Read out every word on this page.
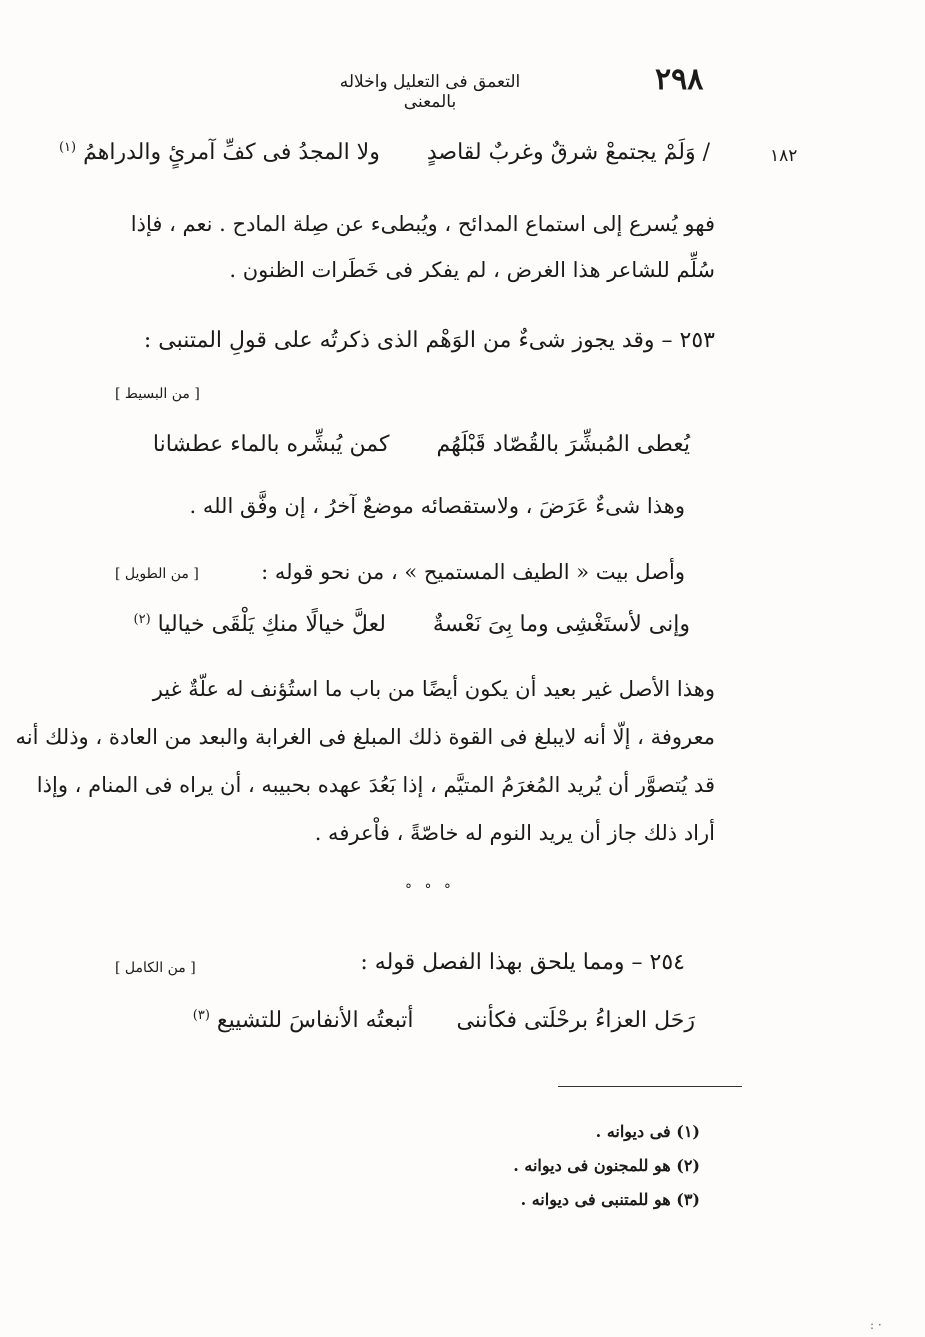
٢٩٨
التعمق فى التعليل واخلاله بالمعنى
١٨٢
/ وَلَمْ يجتمعْ شرقٌ وغربٌ لقاصدٍ ولا المجدُ فى كفِّ آمرئٍ والدراهمُ $^{(١)}$
فهو يُسرع إلى استماع المدائح ، ويُبطىء عن صِلة المادح . نعم ، فإذا
سُلِّم للشاعر هذا الغرض ، لم يفكر فى خَطَرات الظنون .
٢٥٣ – وقد يجوز شىءٌ من الوَهْم الذى ذكرتُه على قولِ المتنبى :
[ من البسيط ]
يُعطى المُبشِّرَ بالقُصّاد قَبْلَهُم كمن يُبشِّره بالماء عطشانا
وهذا شىءٌ عَرَضَ ، ولاستقصائه موضعٌ آخرُ ، إن وفَّق الله .
وأصل بيت « الطيف المستميح » ، من نحو قوله :
[ من الطويل ]
وإنى لأستَغْشِى وما بِىَ نَعْسةٌ لعلَّ خيالًا منكِ يَلْقَى خياليا $^{(٢)}$
وهذا الأصل غير بعيد أن يكون أيضًا من باب ما استُؤنف له علّةٌ غير
معروفة ، إلّا أنه لايبلغ فى القوة ذلك المبلغ فى الغرابة والبعد من العادة ، وذلك أنه
قد يُتصوَّر أن يُريد المُغرَمُ المتيَّم ، إذا بَعُدَ عهده بحبيبه ، أن يراه فى المنام ، وإذا
أراد ذلك جاز أن يريد النوم له خاصّةً ، فاْعرفه .
° ° °
٢٥٤ – ومما يلحق بهذا الفصل قوله :
[ من الكامل ]
رَحَل العزاءُ برحْلَتى فكأننى أتبعتُه الأنفاسَ للتشييع $^{(٣)}$
(١) فى ديوانه .
(٢) هو للمجنون فى ديوانه .
(٣) هو للمتنبى فى ديوانه .
: ·
